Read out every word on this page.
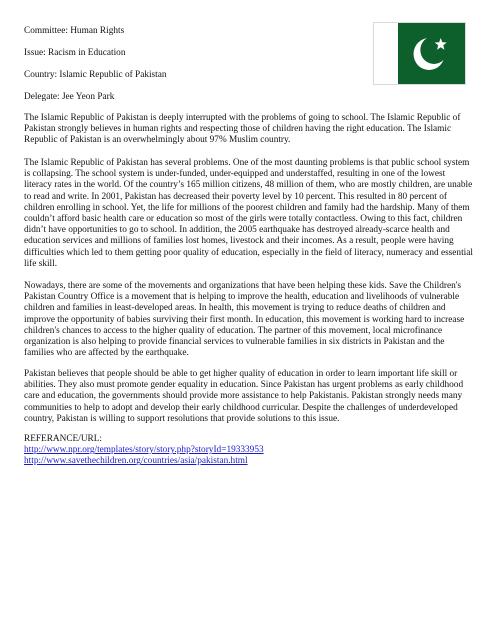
Committee: Human Rights
Issue: Racism in Education
Country: Islamic Republic of Pakistan
Delegate: Jee Yeon Park

The Islamic Republic of Pakistan is deeply interrupted with the problems of going to school. The Islamic Republic of Pakistan strongly believes in human rights and respecting those of children having the right education. The Islamic Republic of Pakistan is an overwhelmingly about 97% Muslim country.

The Islamic Republic of Pakistan has several problems. One of the most daunting problems is that public school system is collapsing. The school system is under-funded, under-equipped and understaffed, resulting in one of the lowest literacy rates in the world. Of the country’s 165 million citizens, 48 million of them, who are mostly children, are unable to read and write. In 2001, Pakistan has decreased their poverty level by 10 percent. This resulted in 80 percent of children enrolling in school. Yet, the life for millions of the poorest children and family had the hardship. Many of them couldn’t afford basic health care or education so most of the girls were totally contactless. Owing to this fact, children didn’t have opportunities to go to school. In addition, the 2005 earthquake has destroyed already-scarce health and education services and millions of families lost homes, livestock and their incomes. As a result, people were having difficulties which led to them getting poor quality of education, especially in the field of literacy, numeracy and essential life skill.

Nowadays, there are some of the movements and organizations that have been helping these kids. Save the Children's Pakistan Country Office is a movement that is helping to improve the health, education and livelihoods of vulnerable children and families in least-developed areas. In health, this movement is trying to reduce deaths of children and improve the opportunity of babies surviving their first month. In education, this movement is working hard to increase children's chances to access to the higher quality of education. The partner of this movement, local microfinance organization is also helping to provide financial services to vulnerable families in six districts in Pakistan and the families who are affected by the earthquake.

Pakistan believes that people should be able to get higher quality of education in order to learn important life skill or abilities. They also must promote gender equality in education. Since Pakistan has urgent problems as early childhood care and education, the governments should provide more assistance to help Pakistanis. Pakistan strongly needs many communities to help to adopt and develop their early childhood curricular. Despite the challenges of underdeveloped country, Pakistan is willing to support resolutions that provide solutions to this issue.

REFERANCE/URL:
http://www.npr.org/templates/story/story.php?storyId=19333953
http://www.savethechildren.org/countries/asia/pakistan.html
